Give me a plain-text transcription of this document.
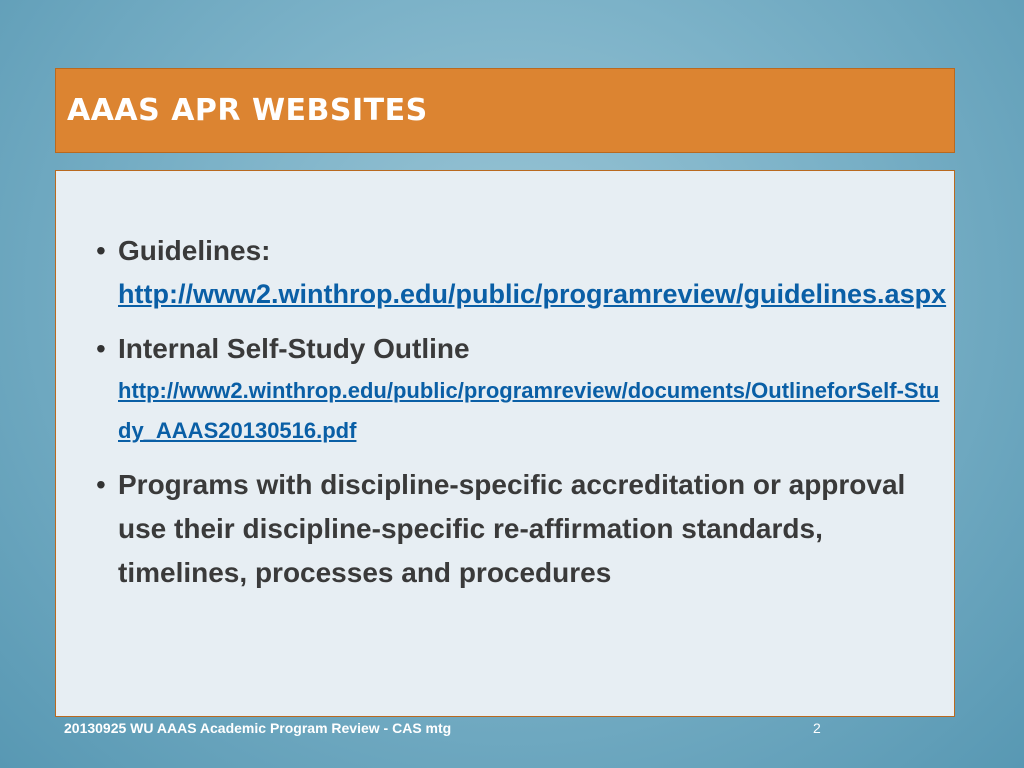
AAAS APR WEBSITES
• Guidelines:
http://www2.winthrop.edu/public/programreview/guidelines.aspx
• Internal Self-Study Outline
http://www2.winthrop.edu/public/programreview/documents/OutlineforSelf-Study_AAAS20130516.pdf
• Programs with discipline-specific accreditation or approval use their discipline-specific re-affirmation standards, timelines, processes and procedures
20130925 WU AAAS Academic Program Review - CAS mtg	2
